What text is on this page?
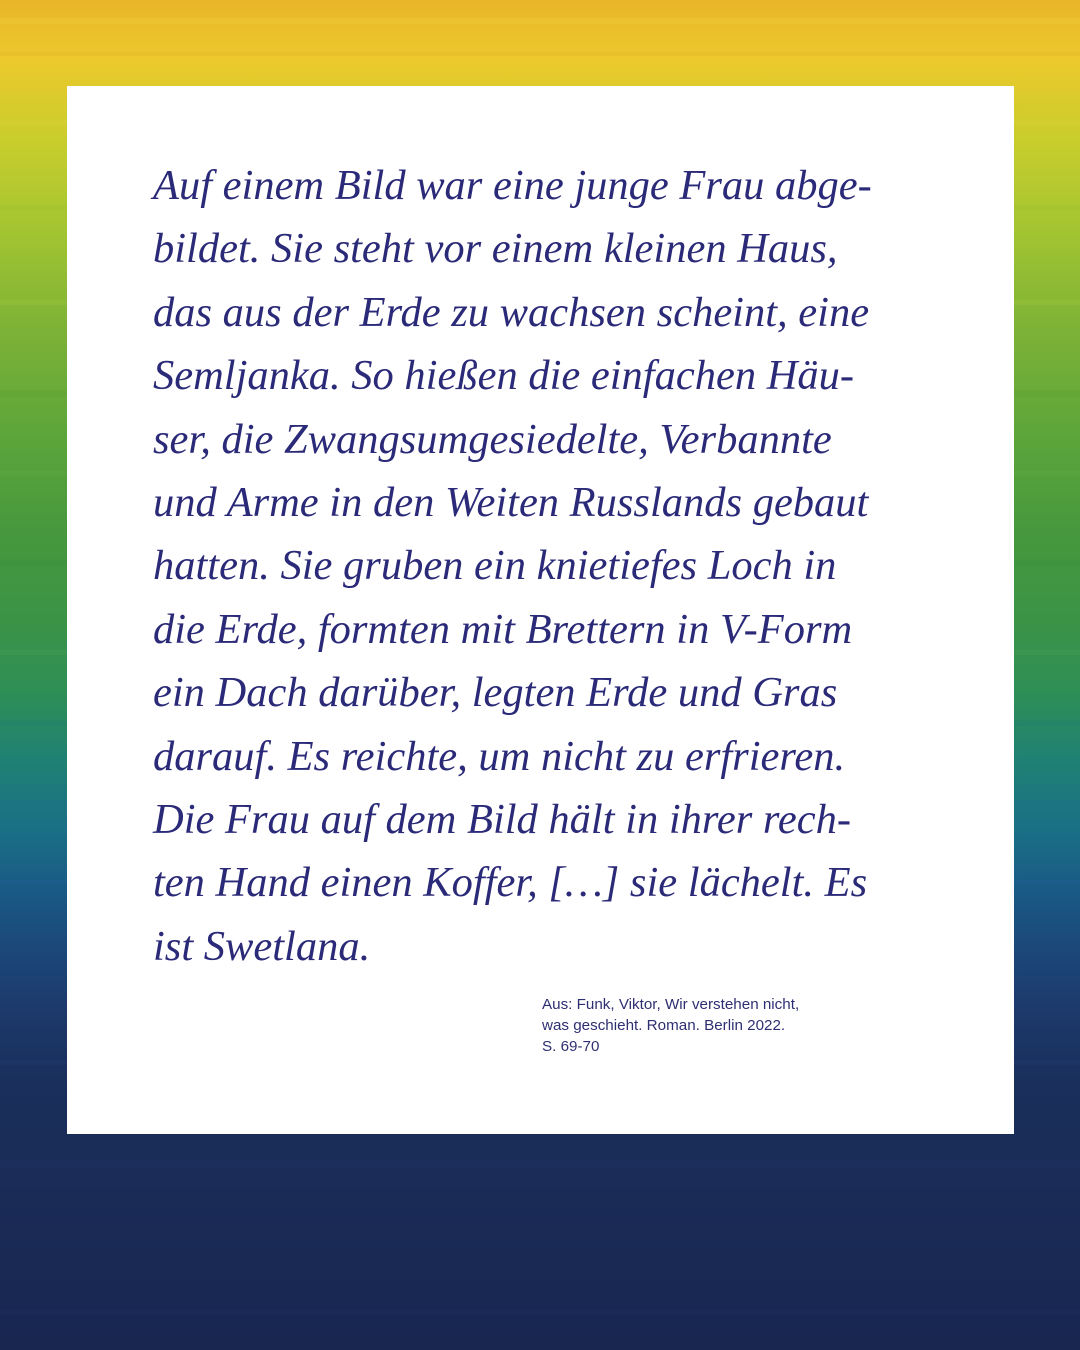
Auf einem Bild war eine junge Frau abge-
bildet. Sie steht vor einem kleinen Haus,
das aus der Erde zu wachsen scheint, eine
Semljanka. So hießen die einfachen Häu-
ser, die Zwangsumgesiedelte, Verbannte
und Arme in den Weiten Russlands gebaut
hatten. Sie gruben ein knietiefes Loch in
die Erde, formten mit Brettern in V-Form
ein Dach darüber, legten Erde und Gras
darauf. Es reichte, um nicht zu erfrieren.
Die Frau auf dem Bild hält in ihrer rech-
ten Hand einen Koffer, […] sie lächelt. Es
ist Swetlana.

Aus: Funk, Viktor, Wir verstehen nicht,
was geschieht. Roman. Berlin 2022.
S. 69-70
